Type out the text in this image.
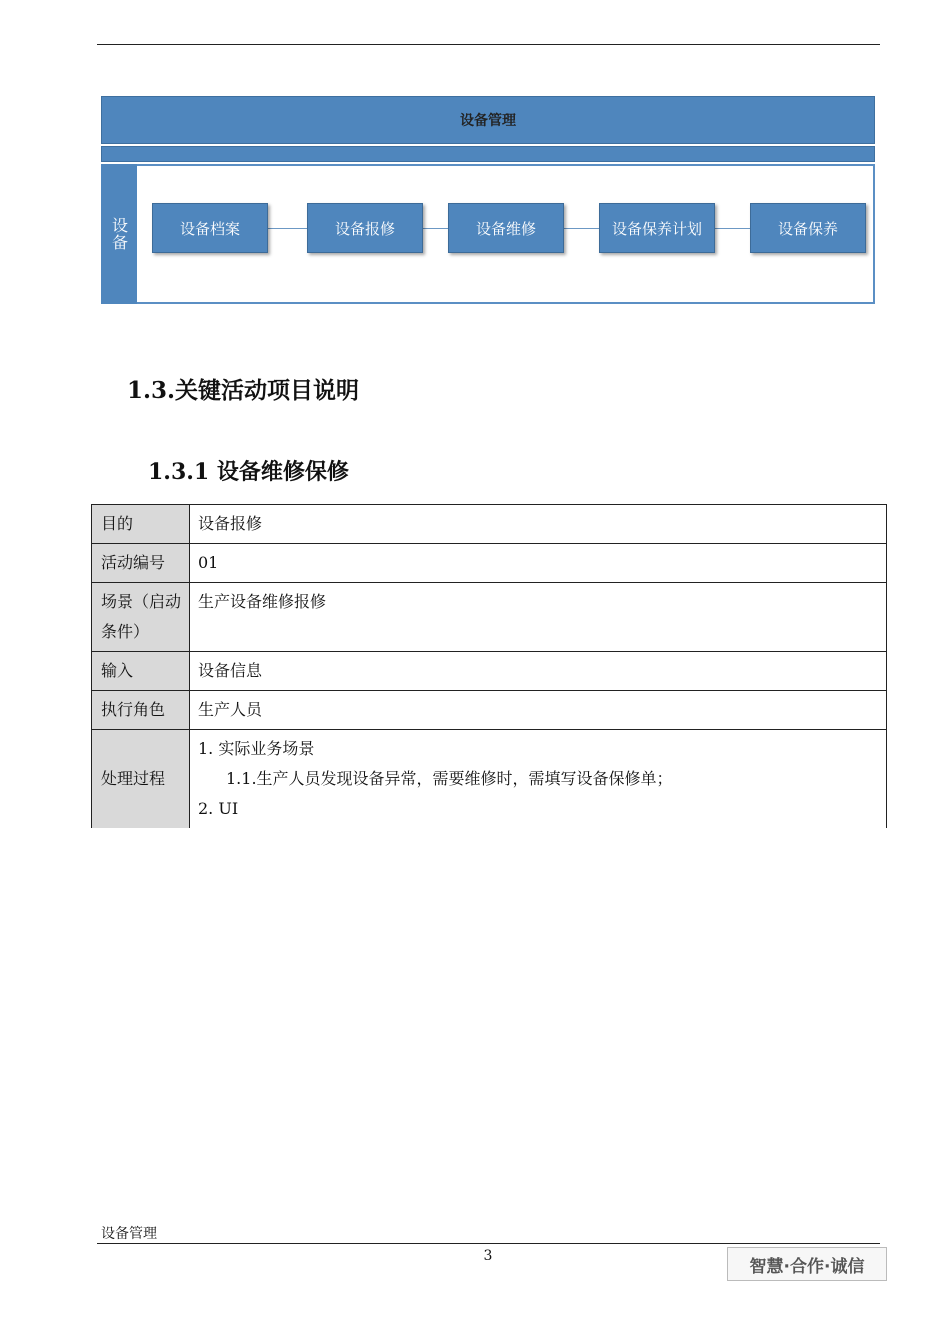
设备管理
设备	设备档案	设备报修	设备维修	设备保养计划	设备保养
1.3.关键活动项目说明
1.3.1 设备维修保修
目的	设备报修
活动编号	01
场景（启动条件）	生产设备维修报修
输入	设备信息
执行角色	生产人员
处理过程	1. 实际业务场景
1.1.生产人员发现设备异常，需要维修时，需填写设备保修单；
2. UI
设备管理
3
智慧·合作·诚信
